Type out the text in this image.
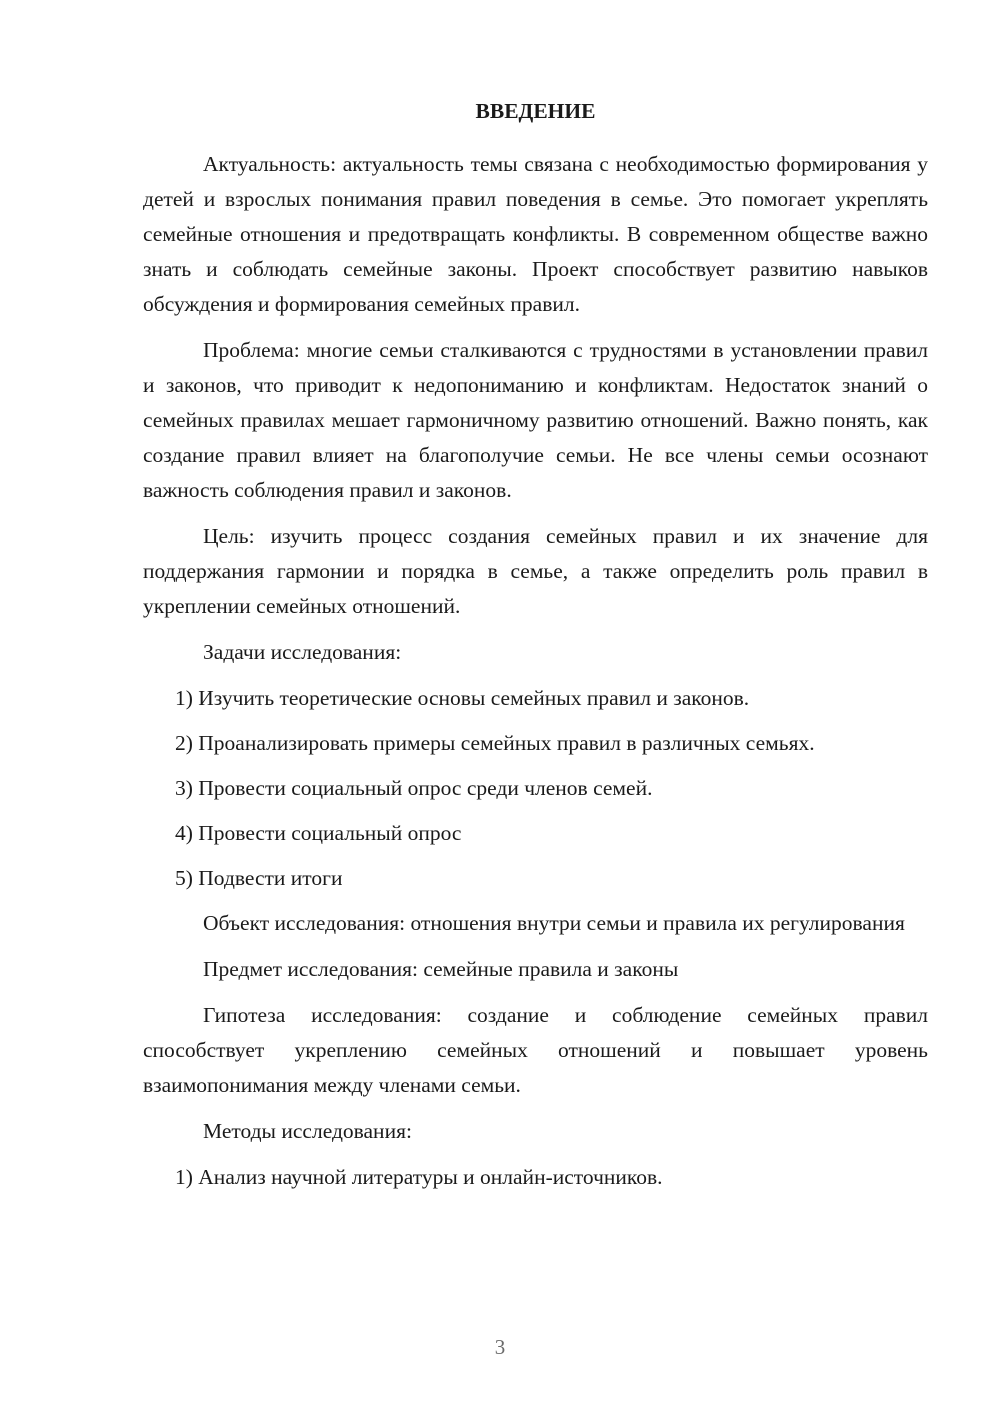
ВВЕДЕНИЕ

Актуальность: актуальность темы связана с необходимостью формирования у детей и взрослых понимания правил поведения в семье. Это помогает укреплять семейные отношения и предотвращать конфликты. В современном обществе важно знать и соблюдать семейные законы. Проект способствует развитию навыков обсуждения и формирования семейных правил.

Проблема: многие семьи сталкиваются с трудностями в установлении правил и законов, что приводит к недопониманию и конфликтам. Недостаток знаний о семейных правилах мешает гармоничному развитию отношений. Важно понять, как создание правил влияет на благополучие семьи. Не все члены семьи осознают важность соблюдения правил и законов.

Цель: изучить процесс создания семейных правил и их значение для поддержания гармонии и порядка в семье, а также определить роль правил в укреплении семейных отношений.

Задачи исследования:

1) Изучить теоретические основы семейных правил и законов.
2) Проанализировать примеры семейных правил в различных семьях.
3) Провести социальный опрос среди членов семей.
4) Провести социальный опрос
5) Подвести итоги

Объект исследования: отношения внутри семьи и правила их регулирования

Предмет исследования: семейные правила и законы

Гипотеза исследования: создание и соблюдение семейных правил способствует укреплению семейных отношений и повышает уровень взаимопонимания между членами семьи.

Методы исследования:

1) Анализ научной литературы и онлайн-источников.
3
